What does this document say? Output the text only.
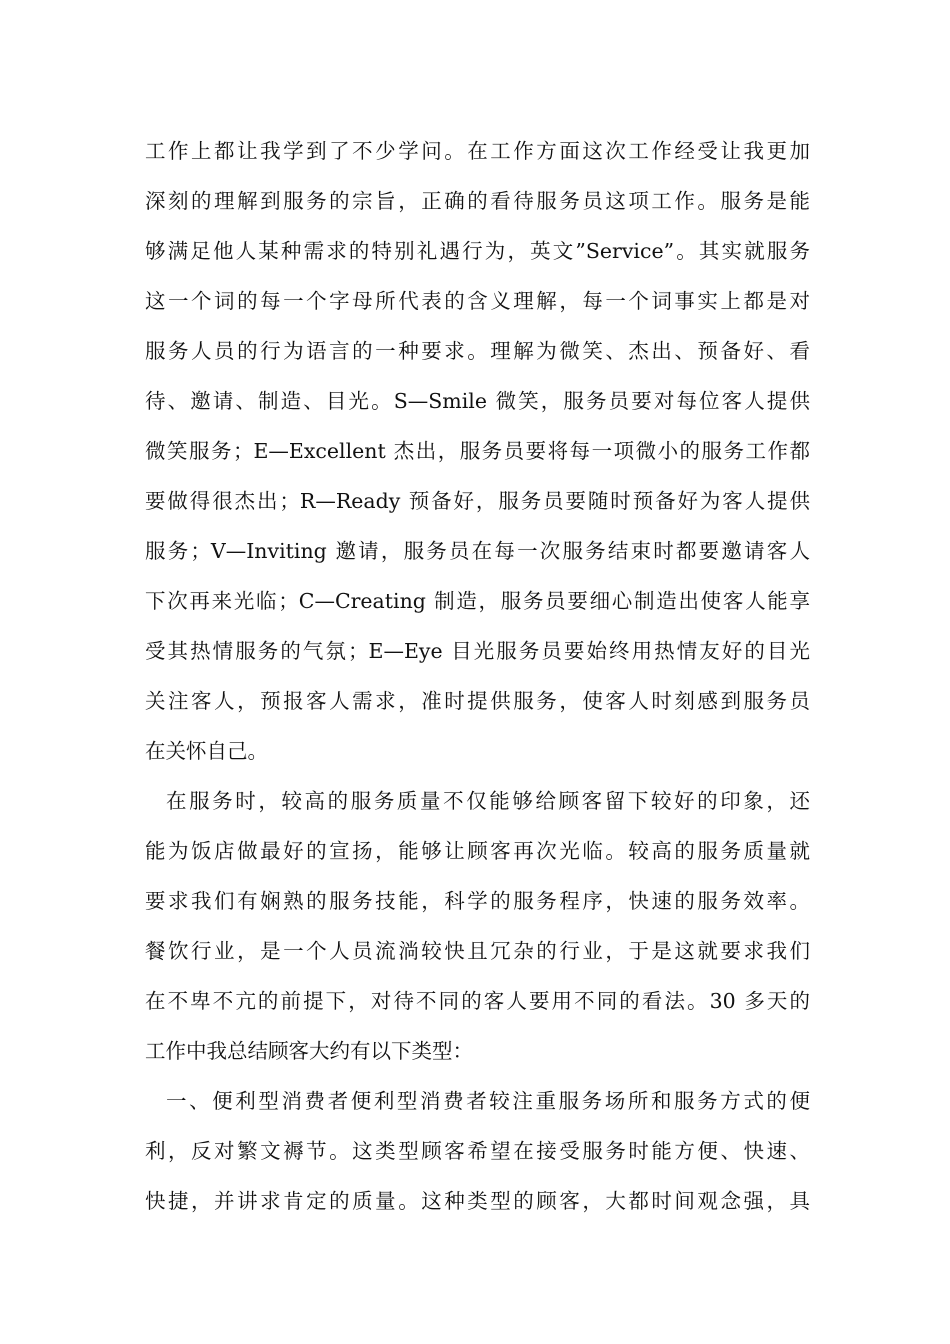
工作上都让我学到了不少学问。在工作方面这次工作经受让我更加
深刻的理解到服务的宗旨，正确的看待服务员这项工作。服务是能
够满足他人某种需求的特别礼遇行为，英文”Service”。其实就服务
这一个词的每一个字母所代表的含义理解，每一个词事实上都是对
服务人员的行为语言的一种要求。理解为微笑、杰出、预备好、看
待、邀请、制造、目光。S—Smile 微笑，服务员要对每位客人提供
微笑服务；E—Excellent 杰出，服务员要将每一项微小的服务工作都
要做得很杰出；R—Ready 预备好，服务员要随时预备好为客人提供
服务；V—Inviting 邀请，服务员在每一次服务结束时都要邀请客人
下次再来光临；C—Creating 制造，服务员要细心制造出使客人能享
受其热情服务的气氛；E—Eye 目光服务员要始终用热情友好的目光
关注客人，预报客人需求，准时提供服务，使客人时刻感到服务员
在关怀自己。
在服务时，较高的服务质量不仅能够给顾客留下较好的印象，还
能为饭店做最好的宣扬，能够让顾客再次光临。较高的服务质量就
要求我们有娴熟的服务技能，科学的服务程序，快速的服务效率。
餐饮行业，是一个人员流淌较快且冗杂的行业，于是这就要求我们
在不卑不亢的前提下，对待不同的客人要用不同的看法。30 多天的
工作中我总结顾客大约有以下类型：
一、便利型消费者便利型消费者较注重服务场所和服务方式的便
利，反对繁文褥节。这类型顾客希望在接受服务时能方便、快速、
快捷，并讲求肯定的质量。这种类型的顾客，大都时间观念强，具
